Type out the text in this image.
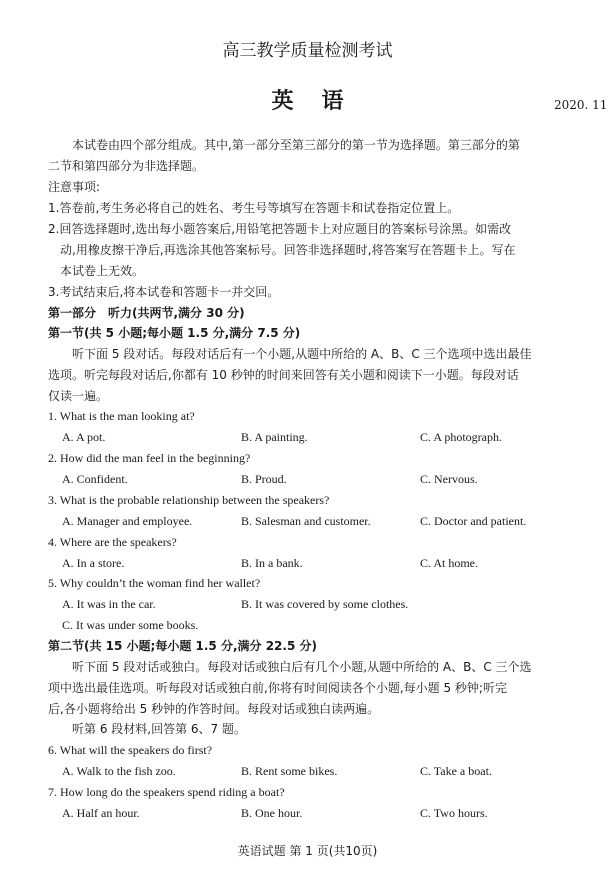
高三教学质量检测考试
英语	2020. 11
本试卷由四个部分组成。其中,第一部分至第三部分的第一节为选择题。第三部分的第
二节和第四部分为非选择题。
注意事项:
1.答卷前,考生务必将自己的姓名、考生号等填写在答题卡和试卷指定位置上。
2.回答选择题时,选出每小题答案后,用铅笔把答题卡上对应题目的答案标号涂黑。如需改
动,用橡皮擦干净后,再选涂其他答案标号。回答非选择题时,将答案写在答题卡上。写在
本试卷上无效。
3.考试结束后,将本试卷和答题卡一并交回。
第一部分　听力(共两节,满分 30 分)
第一节(共 5 小题;每小题 1.5 分,满分 7.5 分)
听下面 5 段对话。每段对话后有一个小题,从题中所给的 A、B、C 三个选项中选出最佳
选项。听完每段对话后,你都有 10 秒钟的时间来回答有关小题和阅读下一小题。每段对话
仅读一遍。
1. What is the man looking at?
A. A pot.	B. A painting.	C. A photograph.
2. How did the man feel in the beginning?
A. Confident.	B. Proud.	C. Nervous.
3. What is the probable relationship between the speakers?
A. Manager and employee.	B. Salesman and customer.	C. Doctor and patient.
4. Where are the speakers?
A. In a store.	B. In a bank.	C. At home.
5. Why couldn’t the woman find her wallet?
A. It was in the car.	B. It was covered by some clothes.
C. It was under some books.
第二节(共 15 小题;每小题 1.5 分,满分 22.5 分)
听下面 5 段对话或独白。每段对话或独白后有几个小题,从题中所给的 A、B、C 三个选
项中选出最佳选项。听每段对话或独白前,你将有时间阅读各个小题,每小题 5 秒钟;听完
后,各小题将给出 5 秒钟的作答时间。每段对话或独白读两遍。
听第 6 段材料,回答第 6、7 题。
6. What will the speakers do first?
A. Walk to the fish zoo.	B. Rent some bikes.	C. Take a boat.
7. How long do the speakers spend riding a boat?
A. Half an hour.	B. One hour.	C. Two hours.
英语试题 第 1 页(共10页)
